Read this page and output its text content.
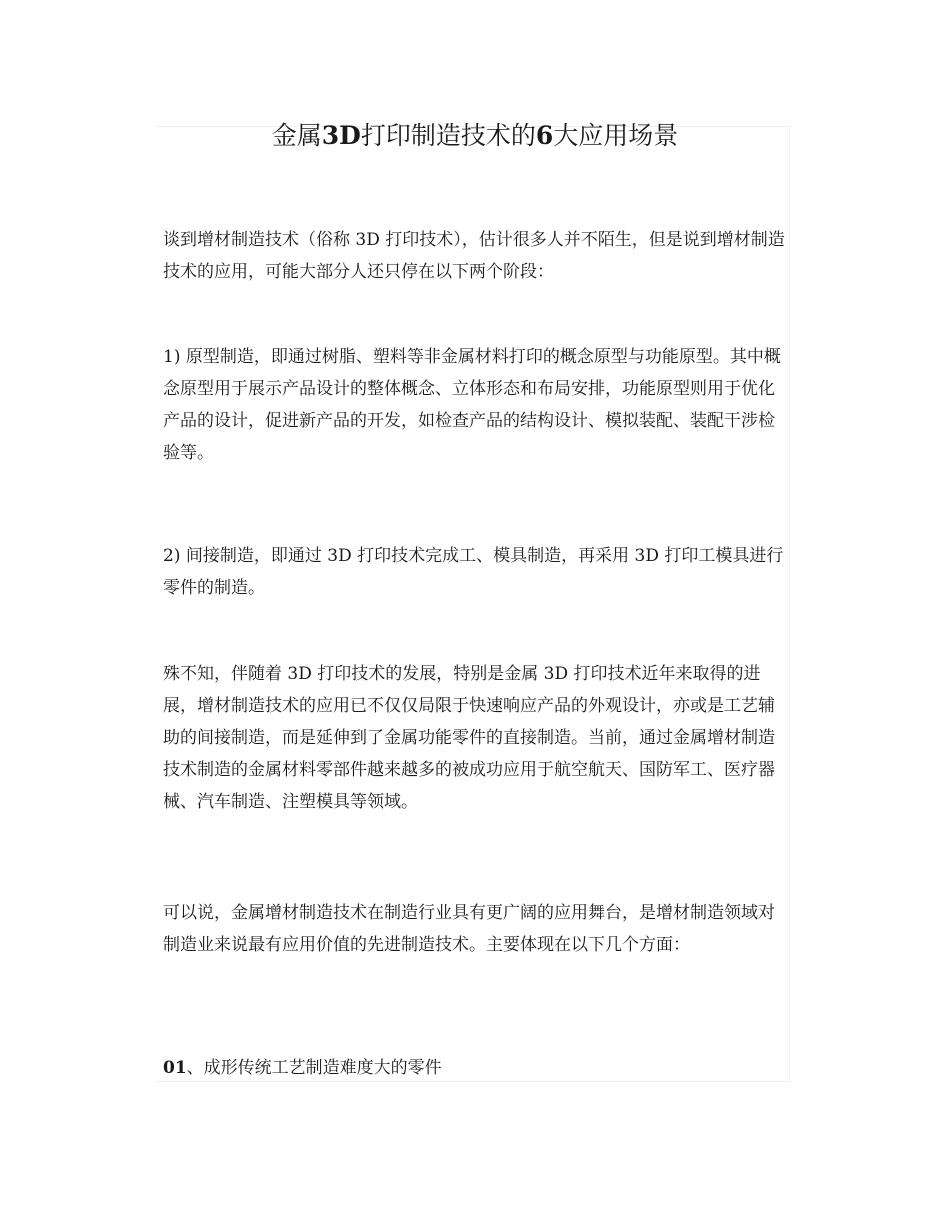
金属3D打印制造技术的6大应用场景

谈到增材制造技术（俗称 3D 打印技术），估计很多人并不陌生，但是说到增材制造技术的应用，可能大部分人还只停在以下两个阶段：

1) 原型制造，即通过树脂、塑料等非金属材料打印的概念原型与功能原型。其中概念原型用于展示产品设计的整体概念、立体形态和布局安排，功能原型则用于优化产品的设计，促进新产品的开发，如检查产品的结构设计、模拟装配、装配干涉检验等。

2) 间接制造，即通过 3D 打印技术完成工、模具制造，再采用 3D 打印工模具进行零件的制造。

殊不知，伴随着 3D 打印技术的发展，特别是金属 3D 打印技术近年来取得的进展，增材制造技术的应用已不仅仅局限于快速响应产品的外观设计，亦或是工艺辅助的间接制造，而是延伸到了金属功能零件的直接制造。当前，通过金属增材制造技术制造的金属材料零部件越来越多的被成功应用于航空航天、国防军工、医疗器械、汽车制造、注塑模具等领域。

可以说，金属增材制造技术在制造行业具有更广阔的应用舞台，是增材制造领域对制造业来说最有应用价值的先进制造技术。主要体现在以下几个方面：

01、成形传统工艺制造难度大的零件
